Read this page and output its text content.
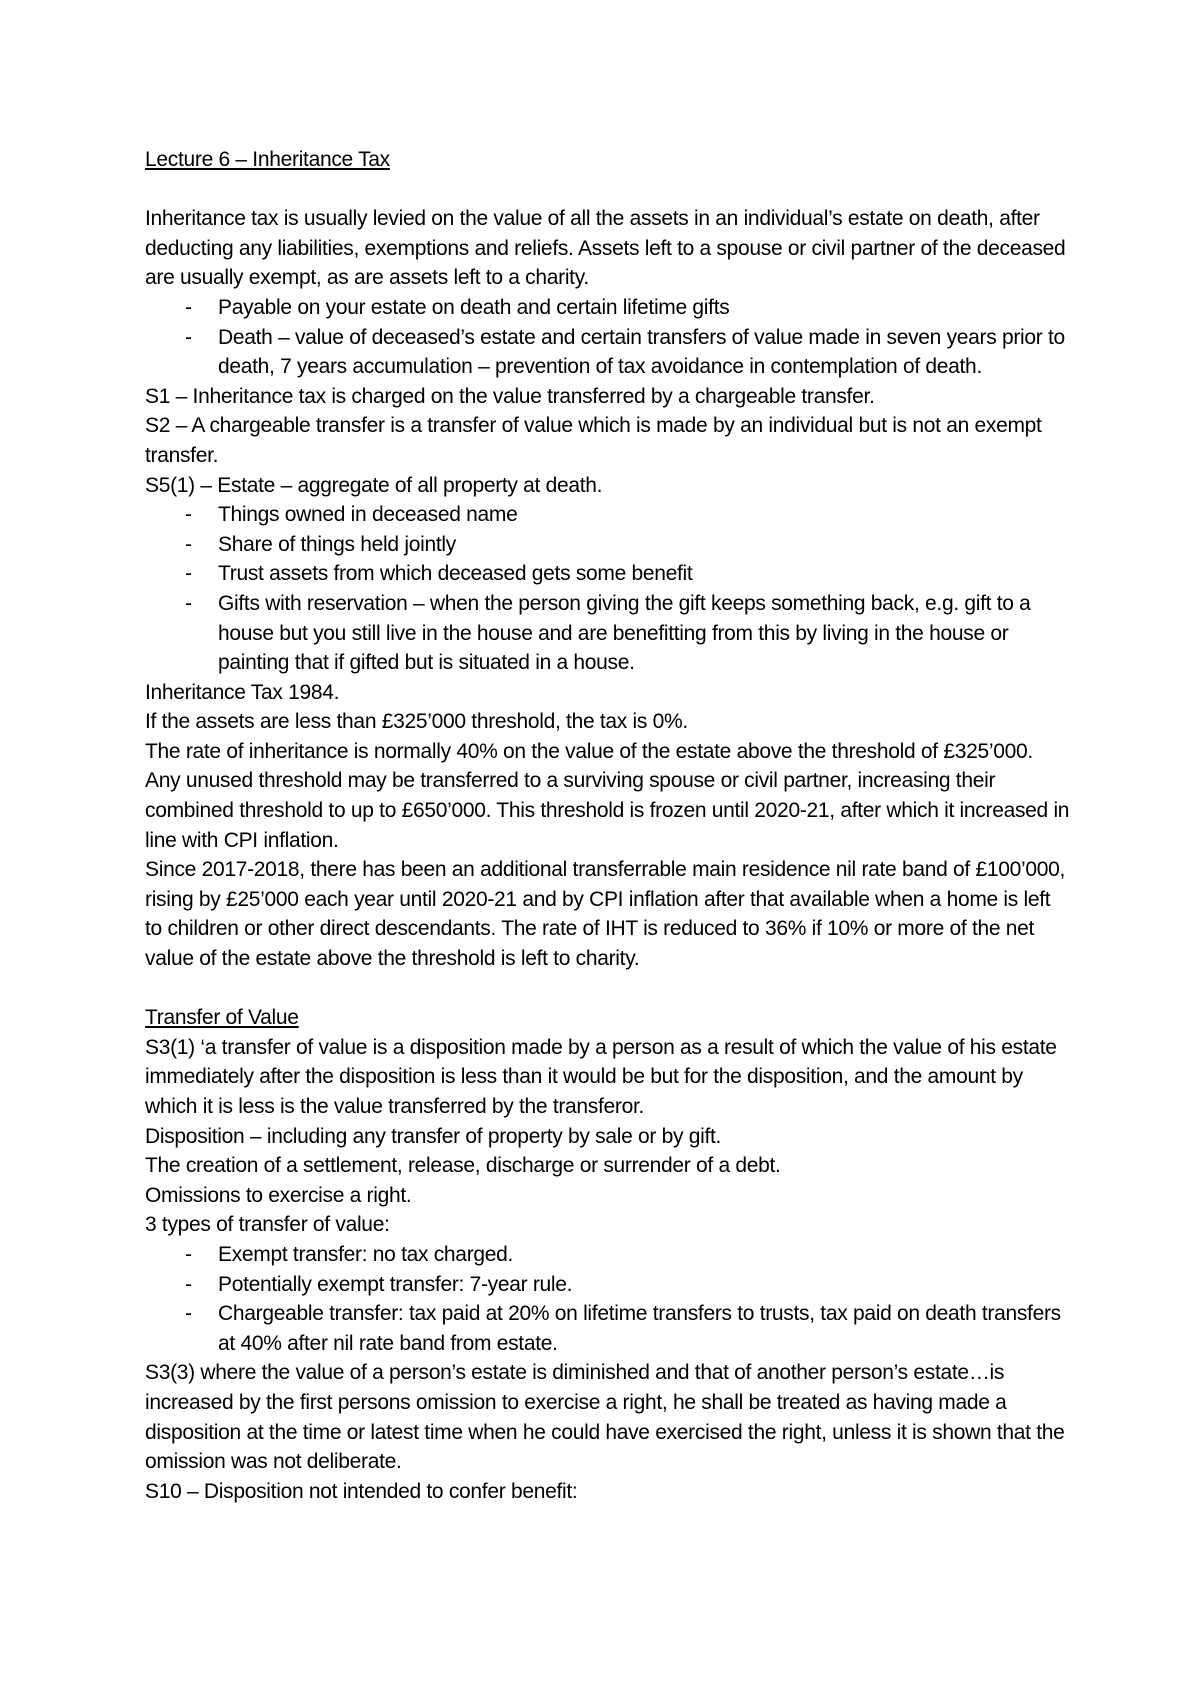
Lecture 6 – Inheritance Tax

Inheritance tax is usually levied on the value of all the assets in an individual’s estate on death, after deducting any liabilities, exemptions and reliefs. Assets left to a spouse or civil partner of the deceased are usually exempt, as are assets left to a charity.

- Payable on your estate on death and certain lifetime gifts
- Death – value of deceased’s estate and certain transfers of value made in seven years prior to death, 7 years accumulation – prevention of tax avoidance in contemplation of death.

S1 – Inheritance tax is charged on the value transferred by a chargeable transfer.

S2 – A chargeable transfer is a transfer of value which is made by an individual but is not an exempt transfer.

S5(1) – Estate – aggregate of all property at death.

- Things owned in deceased name
- Share of things held jointly
- Trust assets from which deceased gets some benefit
- Gifts with reservation – when the person giving the gift keeps something back, e.g. gift to a house but you still live in the house and are benefitting from this by living in the house or painting that if gifted but is situated in a house.

Inheritance Tax 1984.

If the assets are less than £325’000 threshold, the tax is 0%.

The rate of inheritance is normally 40% on the value of the estate above the threshold of £325’000. Any unused threshold may be transferred to a surviving spouse or civil partner, increasing their combined threshold to up to £650’000. This threshold is frozen until 2020-21, after which it increased in line with CPI inflation.

Since 2017-2018, there has been an additional transferrable main residence nil rate band of £100’000, rising by £25’000 each year until 2020-21 and by CPI inflation after that available when a home is left to children or other direct descendants. The rate of IHT is reduced to 36% if 10% or more of the net value of the estate above the threshold is left to charity.

Transfer of Value

S3(1) ‘a transfer of value is a disposition made by a person as a result of which the value of his estate immediately after the disposition is less than it would be but for the disposition, and the amount by which it is less is the value transferred by the transferor.

Disposition – including any transfer of property by sale or by gift.

The creation of a settlement, release, discharge or surrender of a debt.

Omissions to exercise a right.

3 types of transfer of value:

- Exempt transfer: no tax charged.
- Potentially exempt transfer: 7-year rule.
- Chargeable transfer: tax paid at 20% on lifetime transfers to trusts, tax paid on death transfers at 40% after nil rate band from estate.

S3(3) where the value of a person’s estate is diminished and that of another person’s estate…is increased by the first persons omission to exercise a right, he shall be treated as having made a disposition at the time or latest time when he could have exercised the right, unless it is shown that the omission was not deliberate.

S10 – Disposition not intended to confer benefit:
